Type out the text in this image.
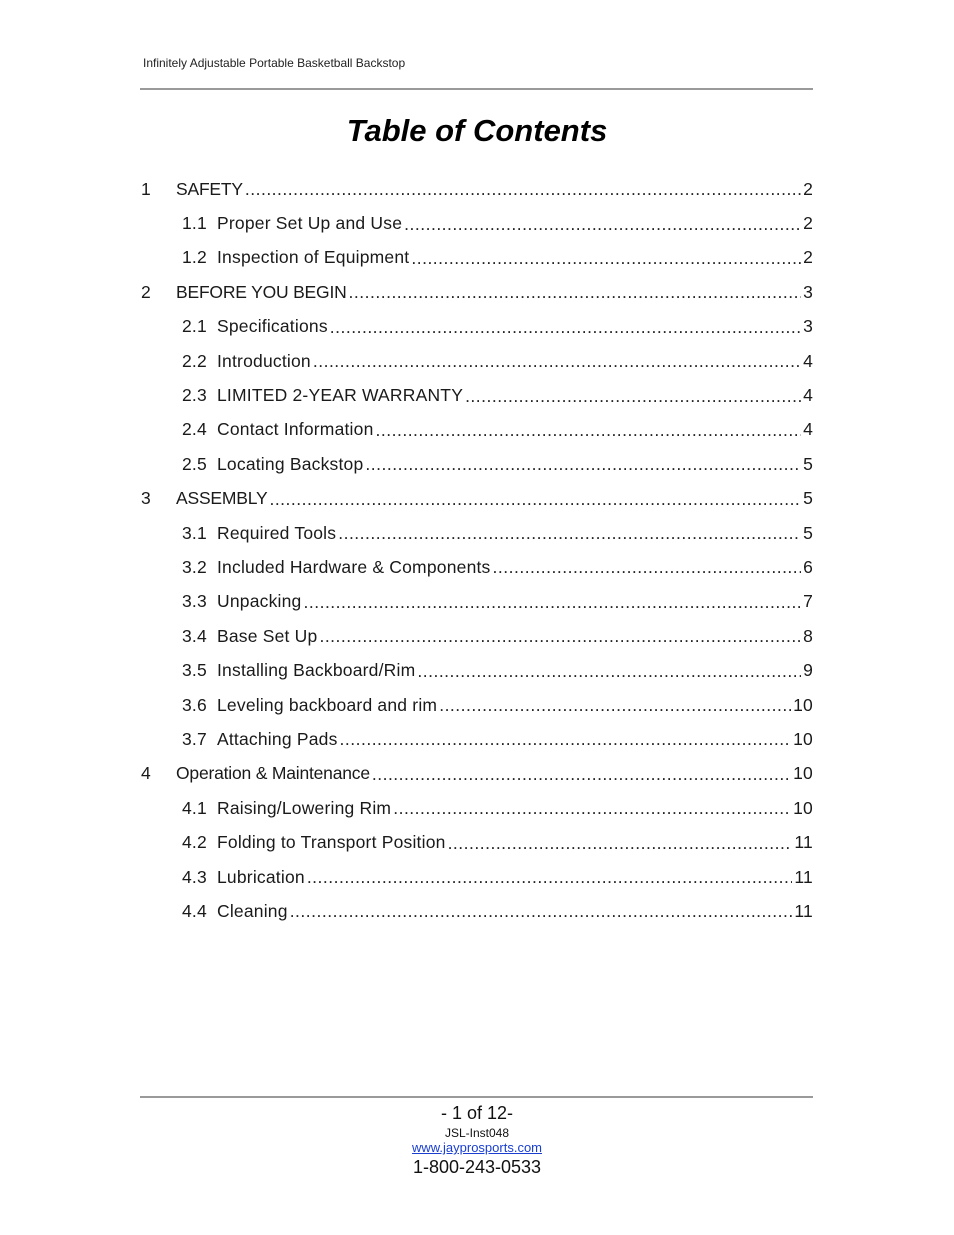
Infinitely Adjustable Portable Basketball Backstop
Table of Contents
1	SAFETY .....	2
1.1 Proper Set Up and Use .....	2
1.2 Inspection of Equipment .....	2
2	BEFORE YOU BEGIN .....	3
2.1 Specifications .....	3
2.2 Introduction .....	4
2.3 LIMITED 2-YEAR WARRANTY .....	4
2.4 Contact Information .....	4
2.5 Locating Backstop .....	5
3	ASSEMBLY .....	5
3.1 Required Tools .....	5
3.2 Included Hardware & Components .....	6
3.3 Unpacking .....	7
3.4 Base Set Up .....	8
3.5 Installing Backboard/Rim .....	9
3.6 Leveling backboard and rim .....	10
3.7 Attaching Pads .....	10
4	Operation & Maintenance .....	10
4.1 Raising/Lowering Rim .....	10
4.2 Folding to Transport Position .....	11
4.3 Lubrication .....	11
4.4 Cleaning .....	11
- 1 of 12-
JSL-Inst048
www.jayprosports.com
1-800-243-0533
